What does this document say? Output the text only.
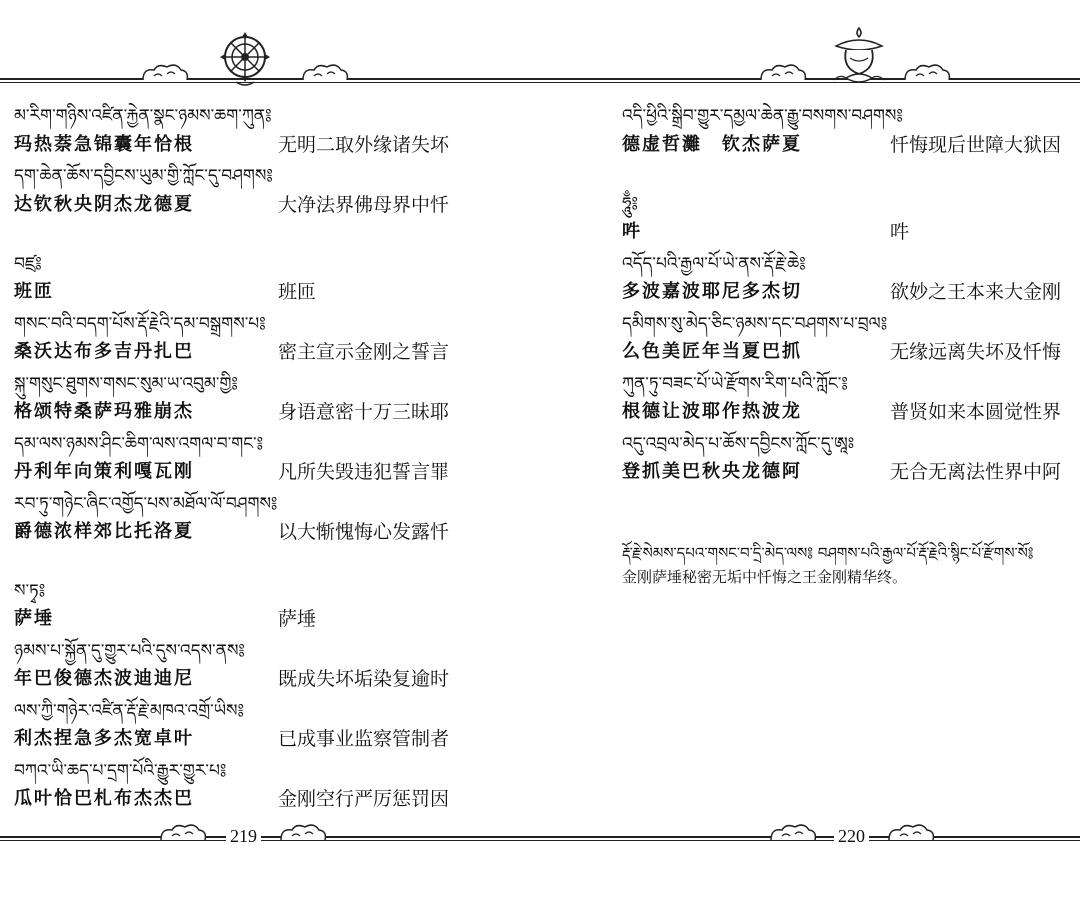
མ་རིག་གཉིས་འཛིན་རྐྱེན་སྣང་ཉམས་ཆག་ཀུན༔
玛热萘急锦囊年恰根	无明二取外缘诸失坏
དག་ཆེན་ཆོས་དབྱིངས་ཡུམ་གྱི་ཀློང་དུ་བཤགས༔
达钦秋央阴杰龙德夏	大净法界佛母界中忏
བཛྲ༔
班匝	班匝
གསང་བའི་བདག་པོས་རྡོ་རྗེའི་དམ་བསྒྲགས་པ༔
桑沃达布多吉丹扎巴	密主宣示金刚之誓言
སྐུ་གསུང་ཐུགས་གསང་སུམ་ཡ་འབུམ་གྱི༔
格颂特桑萨玛雅崩杰	身语意密十万三昧耶
དམ་ལས་ཉམས་ཤིང་ཆིག་ལས་འགལ་བ་གང་༔
丹利年向策利嘎瓦刚	凡所失毁违犯誓言罪
རབ་ཏུ་གཉེང་ཞིང་འགྱོད་པས་མཐོལ་ལོ་བཤགས༔
爵德浓样郊比托洛夏	以大惭愧悔心发露忏
ས་ཏྭ༔
萨埵	萨埵
ཉམས་པ་སྐྱོན་དུ་གྱུར་པའི་དུས་འདས་ནས༔
年巴俊德杰波迪迪尼	既成失坏垢染复逾时
ལས་ཀྱི་གཉེར་འཛིན་རྡོ་རྗེ་མཁའ་འགྲོ་ཡིས༔
利杰捏急多杰宽卓叶	已成事业监察管制者
བཀའ་ཡི་ཆད་པ་དྲག་པོའི་རྒྱུར་གྱུར་པ༔
瓜叶恰巴札布杰杰巴	金刚空行严厉惩罚因
219
འདི་ཕྱིའི་སྒྲིབ་གྱུར་དམྱལ་ཆེན་རྒྱུ་བསགས་བཤགས༔
德虚哲灘　钦杰萨夏	忏悔现后世障大狱因
ཧཱུྃ༔
吽	吽
འདོད་པའི་རྒྱལ་པོ་ཡེ་ནས་རྡོ་རྗེ་ཆེ༔
多波嘉波耶尼多杰切	欲妙之王本来大金刚
དམིགས་སུ་མེད་ཅིང་ཉམས་དང་བཤགས་པ་བྲལ༔
么色美匠年当夏巴抓	无缘远离失坏及忏悔
ཀུན་ཏུ་བཟང་པོ་ཡེ་རྫོགས་རིག་པའི་ཀློང་༔
根德让波耶作热波龙	普贤如来本圆觉性界
འདུ་འབྲལ་མེད་པ་ཆོས་དབྱིངས་ཀློང་དུ་ཨཱཿ
登抓美巴秋央龙德阿	无合无离法性界中阿
རྡོ་རྗེ་སེམས་དཔའ་གསང་བ་དྲི་མེད་ལས༔ བཤགས་པའི་རྒྱལ་པོ་རྡོ་རྗེའི་སྙིང་པོ་རྫོགས་སོ༔
金刚萨埵秘密无垢中忏悔之王金刚精华终。
220
